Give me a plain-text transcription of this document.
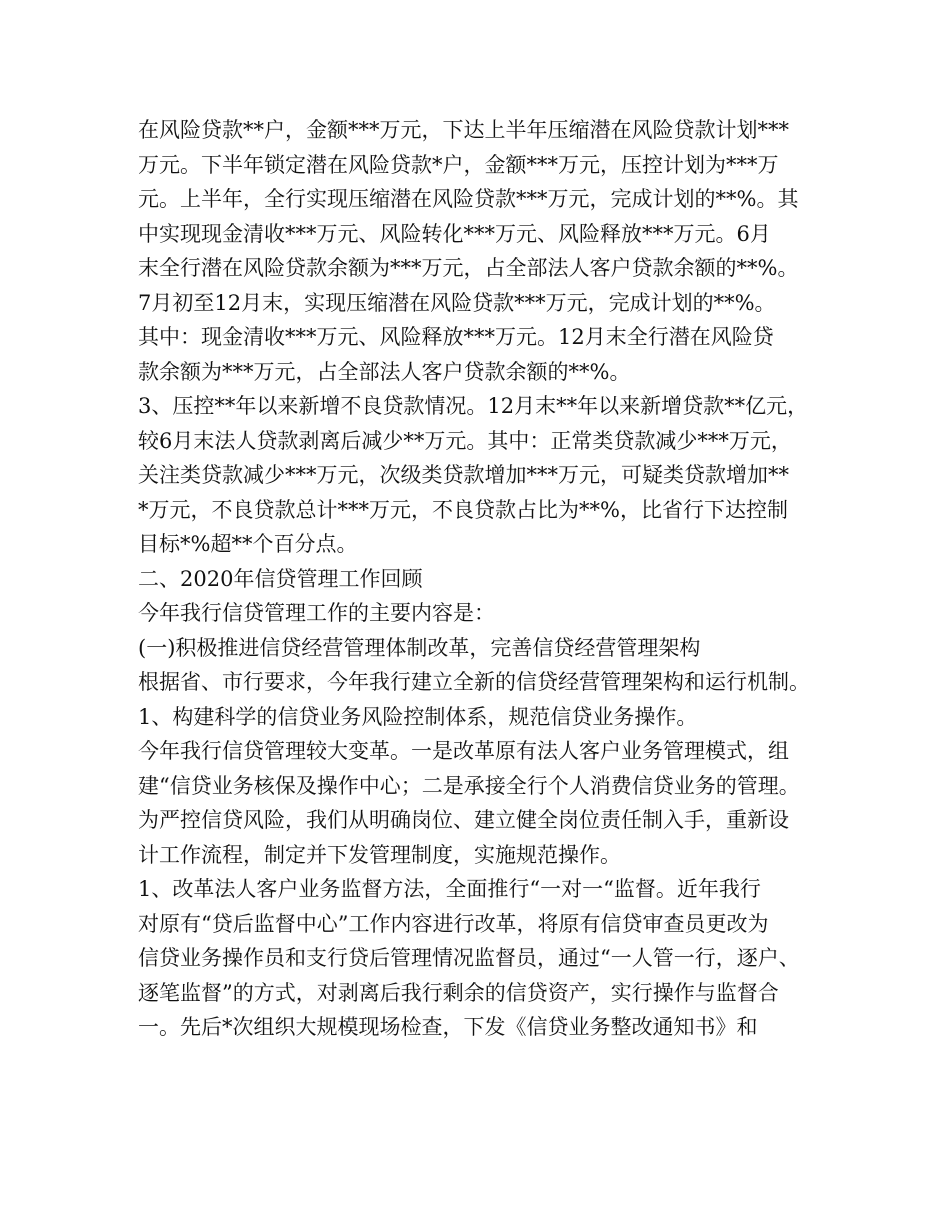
在风险贷款**户，金额***万元，下达上半年压缩潜在风险贷款计划***
万元。下半年锁定潜在风险贷款*户，金额***万元，压控计划为***万
元。上半年，全行实现压缩潜在风险贷款***万元，完成计划的**%。其
中实现现金清收***万元、风险转化***万元、风险释放***万元。6月
末全行潜在风险贷款余额为***万元，占全部法人客户贷款余额的**%。
7月初至12月末，实现压缩潜在风险贷款***万元，完成计划的**%。
其中：现金清收***万元、风险释放***万元。12月末全行潜在风险贷
款余额为***万元，占全部法人客户贷款余额的**%。
3、压控**年以来新增不良贷款情况。12月末**年以来新增贷款**亿元，
较6月末法人贷款剥离后减少**万元。其中：正常类贷款减少***万元，
关注类贷款减少***万元，次级类贷款增加***万元，可疑类贷款增加**
*万元，不良贷款总计***万元，不良贷款占比为**%，比省行下达控制
目标*%超**个百分点。
二、2020年信贷管理工作回顾
今年我行信贷管理工作的主要内容是：
(一)积极推进信贷经营管理体制改革，完善信贷经营管理架构
根据省、市行要求，今年我行建立全新的信贷经营管理架构和运行机制。
1、构建科学的信贷业务风险控制体系，规范信贷业务操作。
今年我行信贷管理较大变革。一是改革原有法人客户业务管理模式，组
建“信贷业务核保及操作中心；二是承接全行个人消费信贷业务的管理。
为严控信贷风险，我们从明确岗位、建立健全岗位责任制入手，重新设
计工作流程，制定并下发管理制度，实施规范操作。
1、改革法人客户业务监督方法，全面推行“一对一“监督。近年我行
对原有“贷后监督中心”工作内容进行改革，将原有信贷审查员更改为
信贷业务操作员和支行贷后管理情况监督员，通过“一人管一行，逐户、
逐笔监督”的方式，对剥离后我行剩余的信贷资产，实行操作与监督合
一。先后*次组织大规模现场检查，下发《信贷业务整改通知书》和
